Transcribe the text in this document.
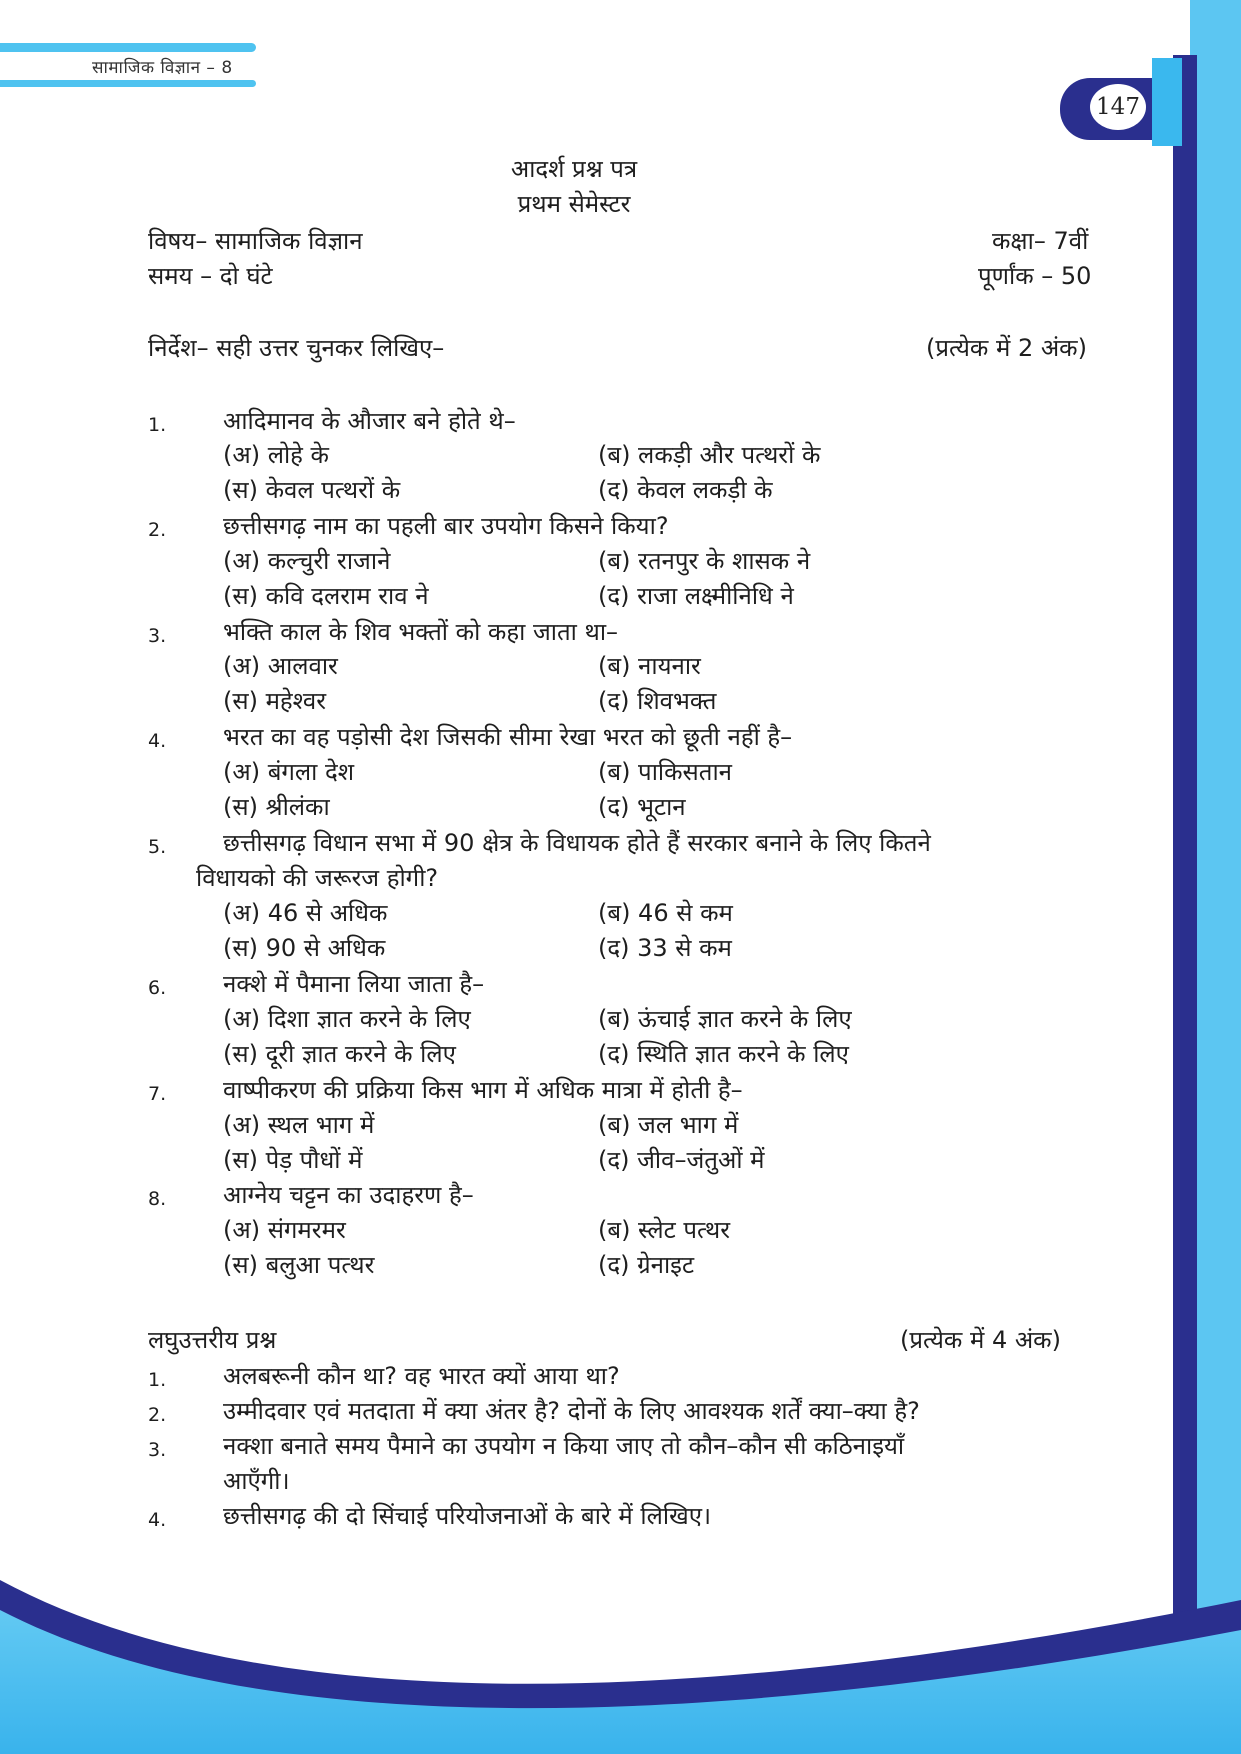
सामाजिक विज्ञान – 8
147
आदर्श प्रश्न पत्र
प्रथम सेमेस्टर
विषय– सामाजिक विज्ञान	कक्षा– 7वीं
समय – दो घंटे	पूर्णांक – 50
निर्देश– सही उत्तर चुनकर लिखिए–	(प्रत्येक में 2 अंक)
1. आदिमानव के औजार बने होते थे–
(अ) लोहे के	(ब) लकड़ी और पत्थरों के
(स) केवल पत्थरों के	(द) केवल लकड़ी के
2. छत्तीसगढ़ नाम का पहली बार उपयोग किसने किया?
(अ) कल्चुरी राजाने	(ब) रतनपुर के शासक ने
(स) कवि दलराम राव ने	(द) राजा लक्ष्मीनिधि ने
3. भक्ति काल के शिव भक्तों को कहा जाता था–
(अ) आलवार	(ब) नायनार
(स) महेश्वर	(द) शिवभक्त
4. भरत का वह पड़ोसी देश जिसकी सीमा रेखा भरत को छूती नहीं है–
(अ) बंगला देश	(ब) पाकिसतान
(स) श्रीलंका	(द) भूटान
5. छत्तीसगढ़ विधान सभा में 90 क्षेत्र के विधायक होते हैं सरकार बनाने के लिए कितने
विधायको की जरूरज होगी?
(अ) 46 से अधिक	(ब) 46 से कम
(स) 90 से अधिक	(द) 33 से कम
6. नक्शे में पैमाना लिया जाता है–
(अ) दिशा ज्ञात करने के लिए	(ब) ऊंचाई ज्ञात करने के लिए
(स) दूरी ज्ञात करने के लिए	(द) स्थिति ज्ञात करने के लिए
7. वाष्पीकरण की प्रक्रिया किस भाग में अधिक मात्रा में होती है–
(अ) स्थल भाग में	(ब) जल भाग में
(स) पेड़ पौधों में	(द) जीव–जंतुओं में
8. आग्नेय चट्टन का उदाहरण है–
(अ) संगमरमर	(ब) स्लेट पत्थर
(स) बलुआ पत्थर	(द) ग्रेनाइट
लघुउत्तरीय प्रश्न	(प्रत्येक में 4 अंक)
1. अलबरूनी कौन था? वह भारत क्यों आया था?
2. उम्मीदवार एवं मतदाता में क्या अंतर है? दोनों के लिए आवश्यक शर्तें क्या–क्या है?
3. नक्शा बनाते समय पैमाने का उपयोग न किया जाए तो कौन–कौन सी कठिनाइयाँ
आएँगी।
4. छत्तीसगढ़ की दो सिंचाई परियोजनाओं के बारे में लिखिए।
